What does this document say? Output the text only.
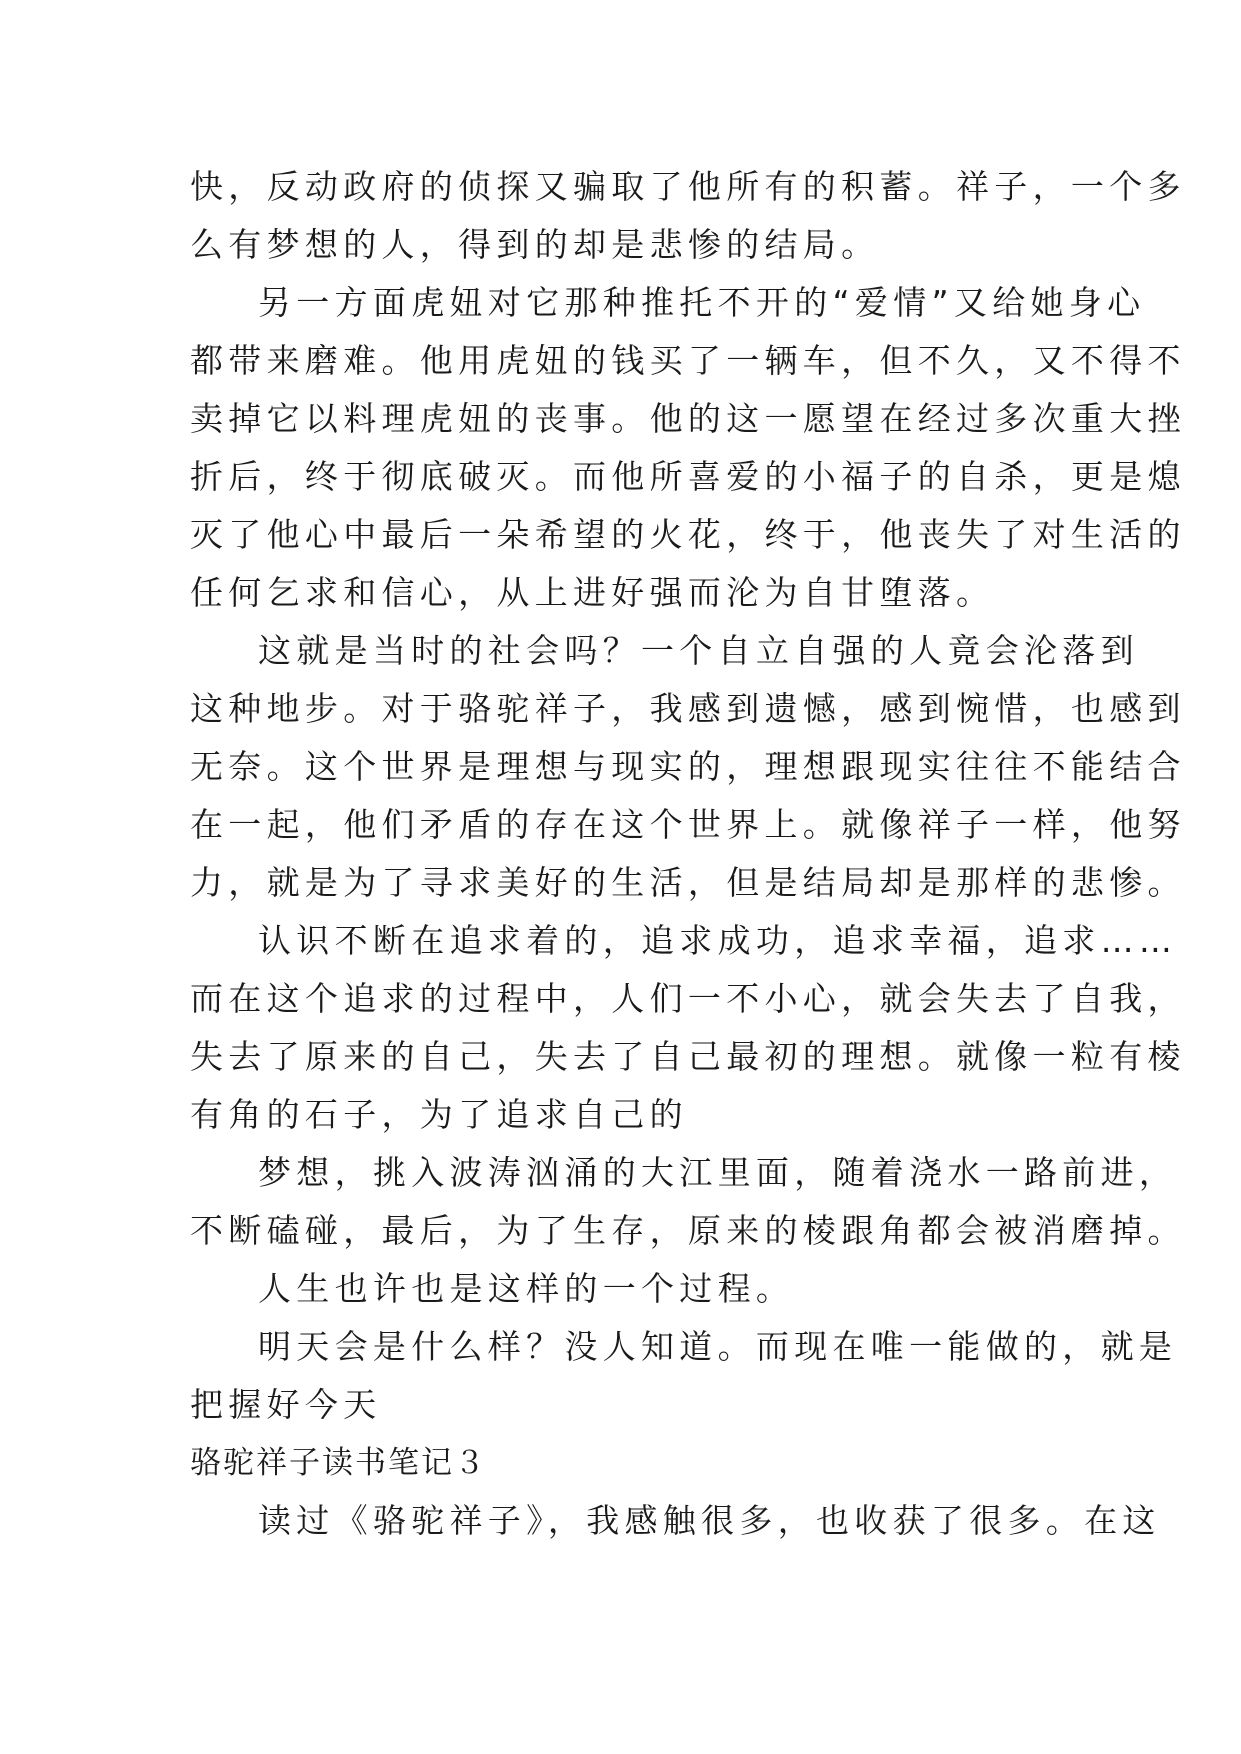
快，反动政府的侦探又骗取了他所有的积蓄。祥子，一个多
么有梦想的人，得到的却是悲惨的结局。
另一方面虎妞对它那种推托不开的“爱情”又给她身心
都带来磨难。他用虎妞的钱买了一辆车，但不久，又不得不
卖掉它以料理虎妞的丧事。他的这一愿望在经过多次重大挫
折后，终于彻底破灭。而他所喜爱的小福子的自杀，更是熄
灭了他心中最后一朵希望的火花，终于，他丧失了对生活的
任何乞求和信心，从上进好强而沦为自甘堕落。
这就是当时的社会吗？一个自立自强的人竟会沦落到
这种地步。对于骆驼祥子，我感到遗憾，感到惋惜，也感到
无奈。这个世界是理想与现实的，理想跟现实往往不能结合
在一起，他们矛盾的存在这个世界上。就像祥子一样，他努
力，就是为了寻求美好的生活，但是结局却是那样的悲惨。
认识不断在追求着的，追求成功，追求幸福，追求……
而在这个追求的过程中，人们一不小心，就会失去了自我，
失去了原来的自己，失去了自己最初的理想。就像一粒有棱
有角的石子，为了追求自己的
梦想，挑入波涛汹涌的大江里面，随着浇水一路前进，
不断磕碰，最后，为了生存，原来的棱跟角都会被消磨掉。
人生也许也是这样的一个过程。
明天会是什么样？没人知道。而现在唯一能做的，就是
把握好今天
骆驼祥子读书笔记３
读过《骆驼祥子》，我感触很多，也收获了很多。在这
